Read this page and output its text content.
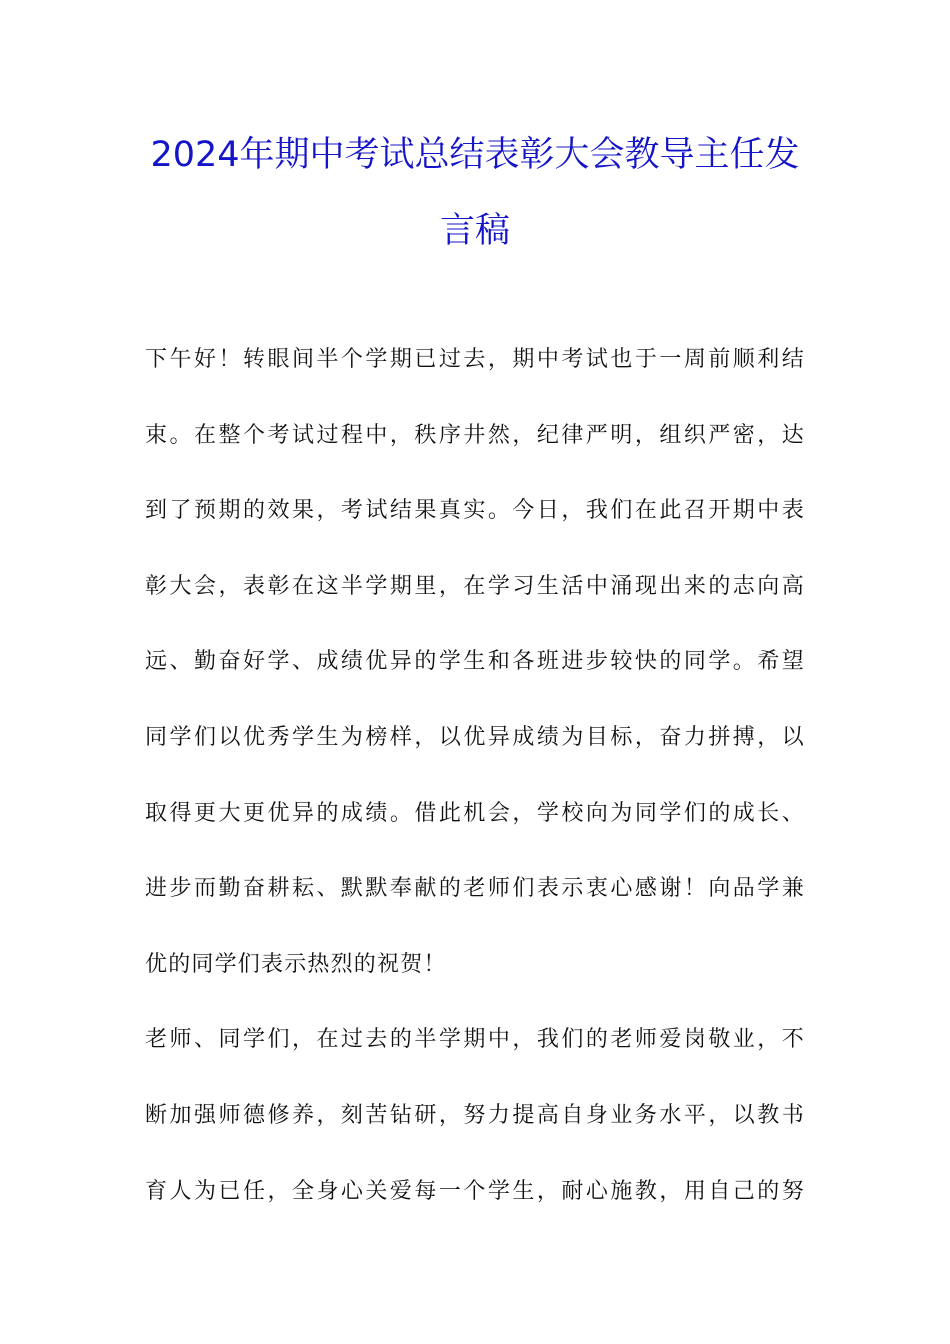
2024年期中考试总结表彰大会教导主任发
言稿
下午好！转眼间半个学期已过去，期中考试也于一周前顺利结
束。在整个考试过程中，秩序井然，纪律严明，组织严密，达
到了预期的效果，考试结果真实。今日，我们在此召开期中表
彰大会，表彰在这半学期里，在学习生活中涌现出来的志向高
远、勤奋好学、成绩优异的学生和各班进步较快的同学。希望
同学们以优秀学生为榜样，以优异成绩为目标，奋力拼搏，以
取得更大更优异的成绩。借此机会，学校向为同学们的成长、
进步而勤奋耕耘、默默奉献的老师们表示衷心感谢！向品学兼
优的同学们表示热烈的祝贺！
老师、同学们，在过去的半学期中，我们的老师爱岗敬业，不
断加强师德修养，刻苦钻研，努力提高自身业务水平，以教书
育人为已任，全身心关爱每一个学生，耐心施教，用自己的努
